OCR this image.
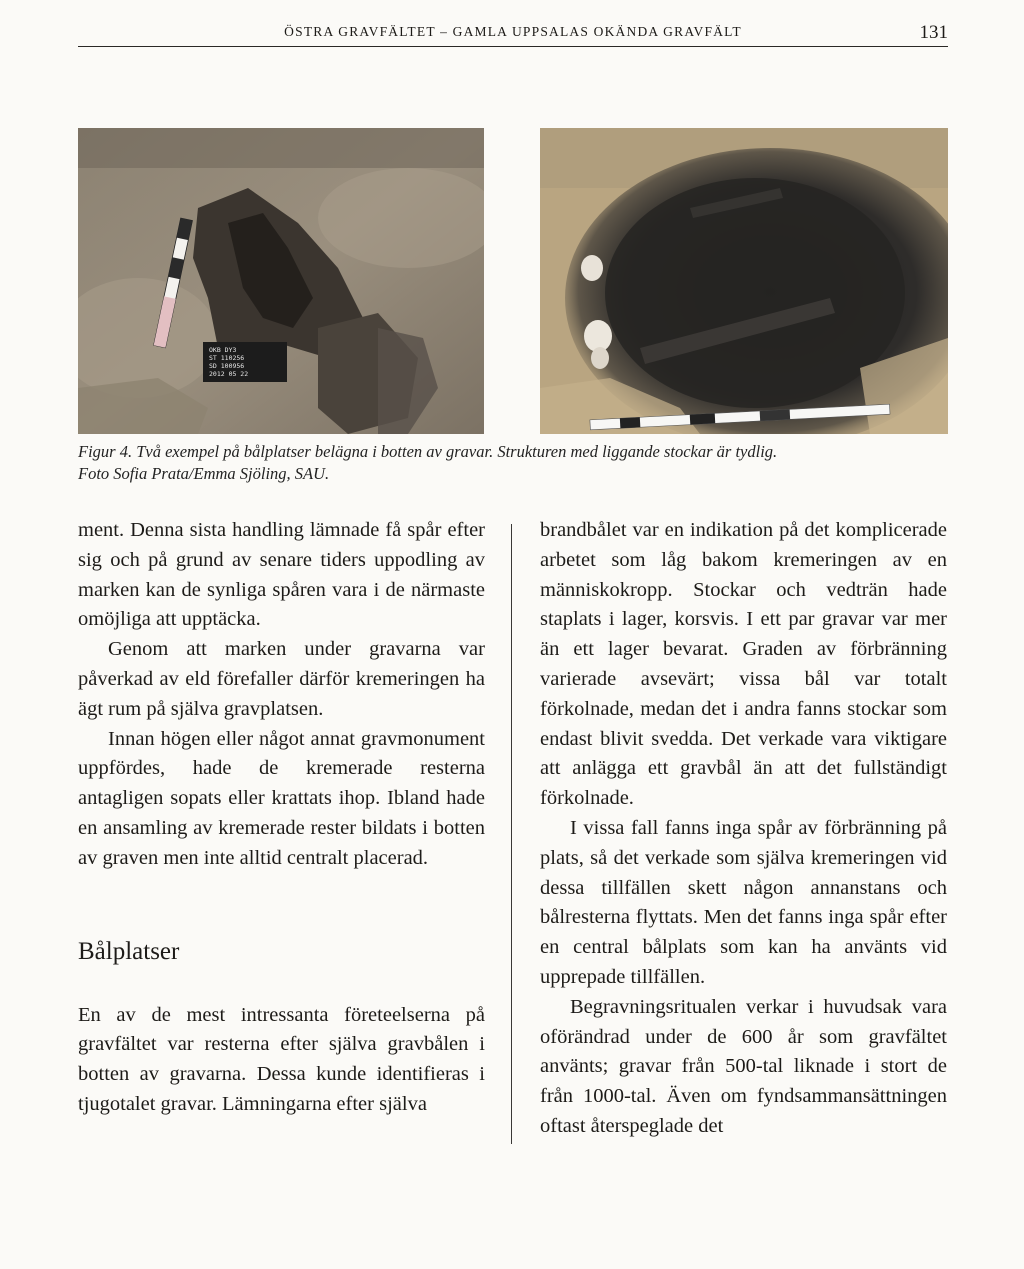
ÖSTRA GRAVFÄLTET – GAMLA UPPSALAS OKÄNDA GRAVFÄLT	131
OKB DY3
ST 110256
SD 100956
2012 05 22
Figur 4. Två exempel på bålplatser belägna i botten av gravar. Strukturen med liggande stockar är tydlig.
Foto Sofia Prata/Emma Sjöling, SAU.

ment. Denna sista handling lämnade få spår efter sig och på grund av senare tiders uppodling av marken kan de synliga spåren vara i de närmaste omöjliga att upptäcka.

Genom att marken under gravarna var påverkad av eld förefaller därför kremeringen ha ägt rum på själva gravplatsen.

Innan högen eller något annat gravmonument uppfördes, hade de kremerade resterna antagligen sopats eller krattats ihop. Ibland hade en ansamling av kremerade rester bildats i botten av graven men inte alltid centralt placerad.

Bålplatser

En av de mest intressanta företeelserna på gravfältet var resterna efter själva gravbålen i botten av gravarna. Dessa kunde identifieras i tjugotalet gravar. Lämningarna efter själva

brandbålet var en indikation på det komplicerade arbetet som låg bakom kremeringen av en människokropp. Stockar och vedträn hade staplats i lager, korsvis. I ett par gravar var mer än ett lager bevarat. Graden av förbränning varierade avsevärt; vissa bål var totalt förkolnade, medan det i andra fanns stockar som endast blivit svedda. Det verkade vara viktigare att anlägga ett gravbål än att det fullständigt förkolnade.

I vissa fall fanns inga spår av förbränning på plats, så det verkade som själva kremeringen vid dessa tillfällen skett någon annanstans och bålresterna flyttats. Men det fanns inga spår efter en central bålplats som kan ha använts vid upprepade tillfällen.

Begravningsritualen verkar i huvudsak vara oförändrad under de 600 år som gravfältet använts; gravar från 500-tal liknade i stort de från 1000-tal. Även om fyndsammansättningen oftast återspeglade det
